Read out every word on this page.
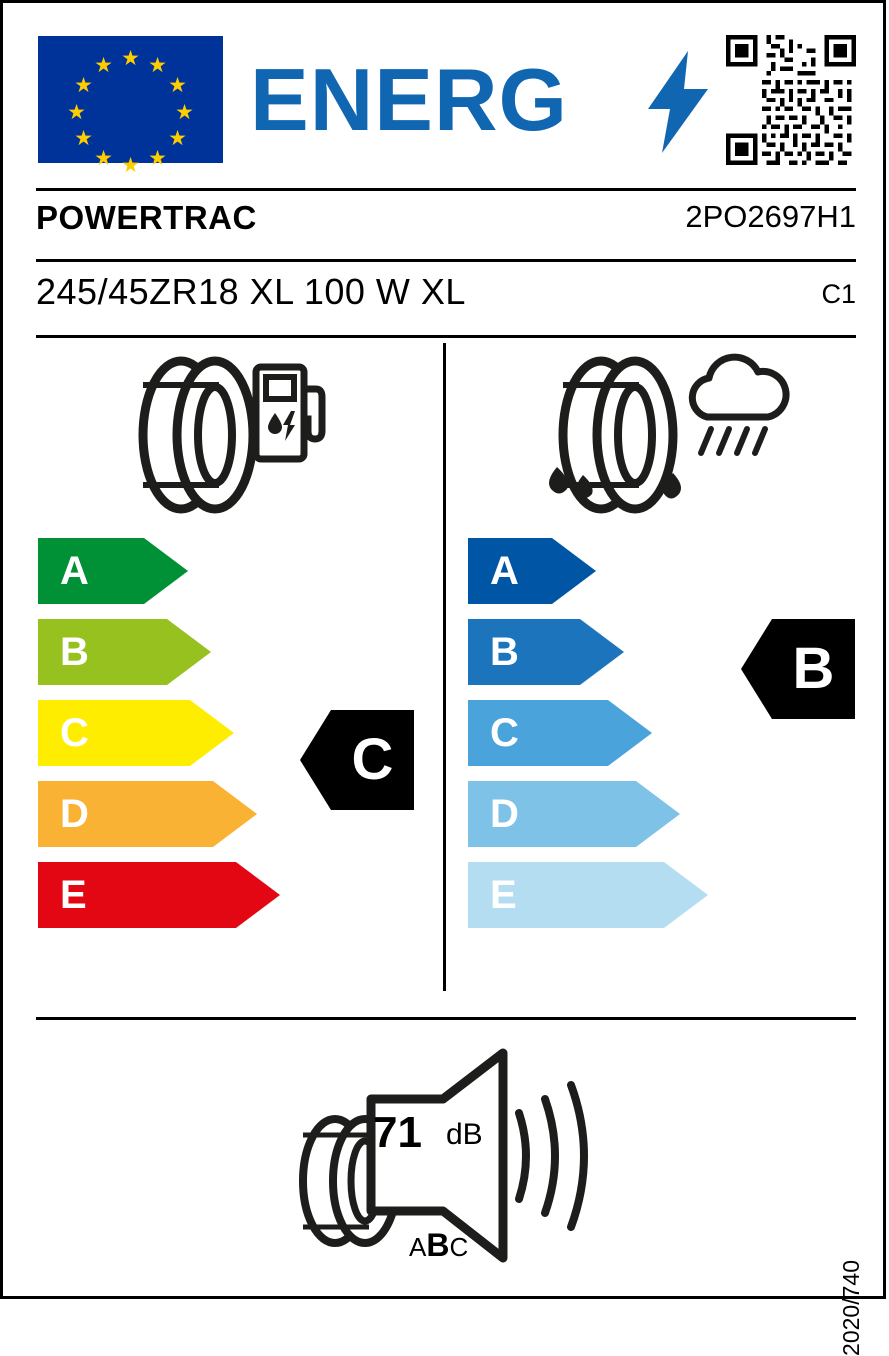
★ ★
★
★
★
★
★
★
★
★
★
★ ENERG
POWERTRAC	2PO2697H1
245/45ZR18 XL 100 W XL	C1
A
B
C
D
E
C
A
B
C
D
E
B
71 dB
ABC
2020/740
